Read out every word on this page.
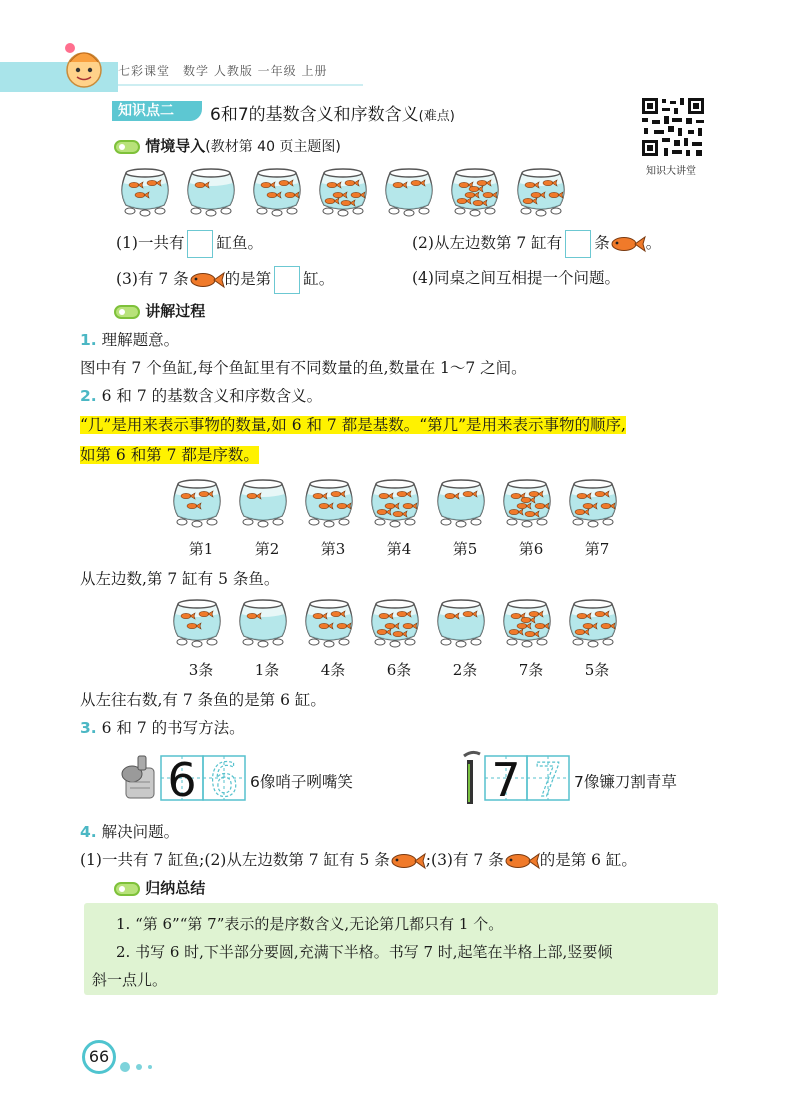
七彩课堂　数学 人教版 一年级 上册
知识点二	6和7的基数含义和序数含义(难点)
知识大讲堂
情境导入(教材第 40 页主题图)
(1)一共有 缸鱼。	(2)从左边数第 7 缸有 条 。
(3)有 7 条 的是第 缸。	(4)同桌之间互相提一个问题。
讲解过程
1. 理解题意。
图中有 7 个鱼缸,每个鱼缸里有不同数量的鱼,数量在 1～7 之间。
2. 6 和 7 的基数含义和序数含义。
“几”是用来表示事物的数量,如 6 和 7 都是基数。“第几”是用来表示事物的顺序,
如第 6 和第 7 都是序数。
第1	第2	第3	第4	第5	第6	第7
从左边数,第 7 缸有 5 条鱼。
3条	1条	4条	6条	2条	7条	5条
从左往右数,有 7 条鱼的是第 6 缸。
3. 6 和 7 的书写方法。
6 6 6像哨子咧嘴笑	7 7 7像镰刀割青草
4. 解决问题。
(1)一共有 7 缸鱼;(2)从左边数第 7 缸有 5 条 ;(3)有 7 条 的是第 6 缸。
归纳总结
1. “第 6”“第 7”表示的是序数含义,无论第几都只有 1 个。
2. 书写 6 时,下半部分要圆,充满下半格。书写 7 时,起笔在半格上部,竖要倾
斜一点儿。
66
